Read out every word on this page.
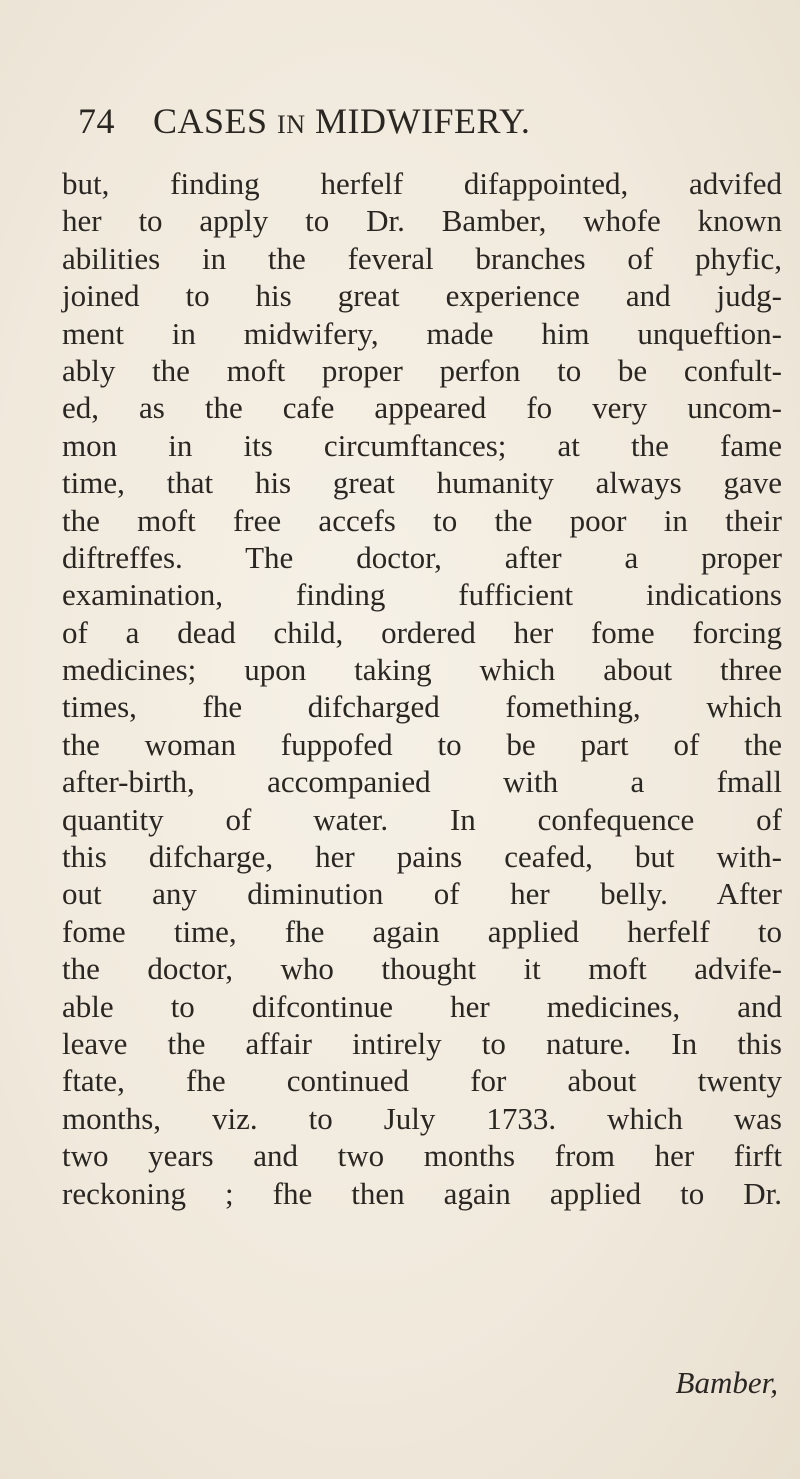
74 CASES IN MIDWIFERY.
but, finding herfelf difappointed, advifed
her to apply to Dr. Bamber, whofe known
abilities in the feveral branches of phyfic,
joined to his great experience and judg-
ment in midwifery, made him unqueftion-
ably the moft proper perfon to be confult-
ed, as the cafe appeared fo very uncom-
mon in its circumftances; at the fame
time, that his great humanity always gave
the moft free accefs to the poor in their
diftreffes. The doctor, after a proper
examination, finding fufficient indications
of a dead child, ordered her fome forcing
medicines; upon taking which about three
times, fhe difcharged fomething, which
the woman fuppofed to be part of the
after-birth, accompanied with a fmall
quantity of water. In confequence of
this difcharge, her pains ceafed, but with-
out any diminution of her belly. After
fome time, fhe again applied herfelf to
the doctor, who thought it moft advife-
able to difcontinue her medicines, and
leave the affair intirely to nature. In this
ftate, fhe continued for about twenty
months, viz. to July 1733. which was
two years and two months from her firft
reckoning ; fhe then again applied to Dr.
Bamber,
